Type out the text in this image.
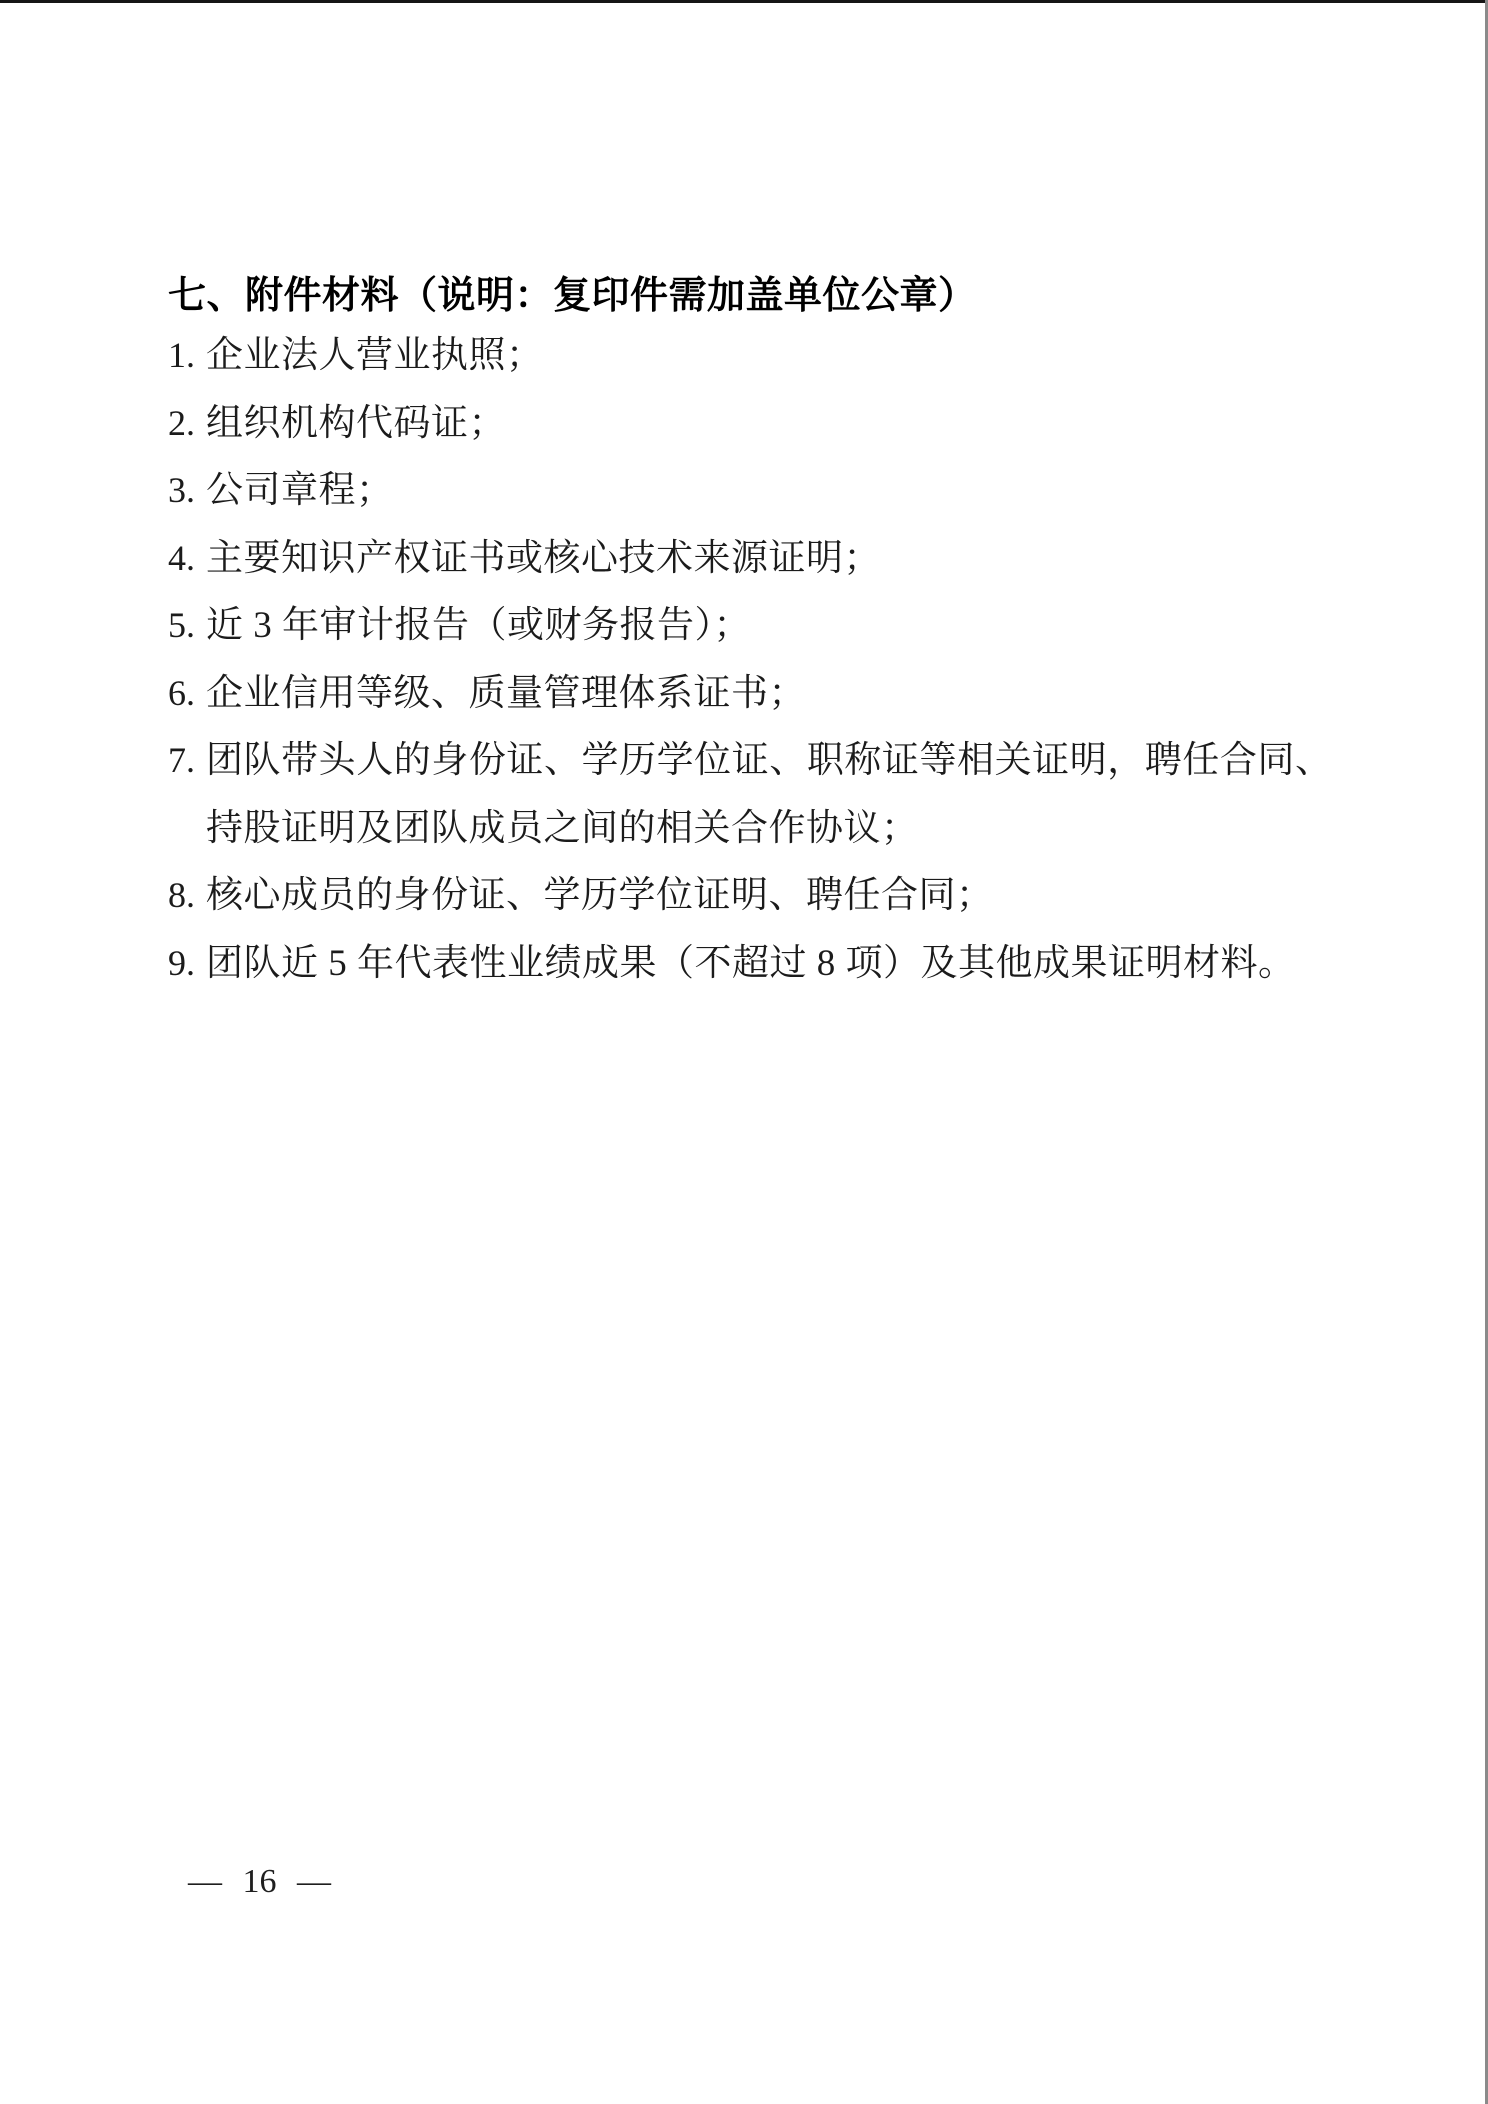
七、附件材料（说明：复印件需加盖单位公章）
1. 企业法人营业执照；
2. 组织机构代码证；
3. 公司章程；
4. 主要知识产权证书或核心技术来源证明；
5. 近 3 年审计报告（或财务报告）；
6. 企业信用等级、质量管理体系证书；
7. 团队带头人的身份证、学历学位证、职称证等相关证明，聘任合同、
持股证明及团队成员之间的相关合作协议；
8. 核心成员的身份证、学历学位证明、聘任合同；
9. 团队近 5 年代表性业绩成果（不超过 8 项）及其他成果证明材料。
— 16 —
